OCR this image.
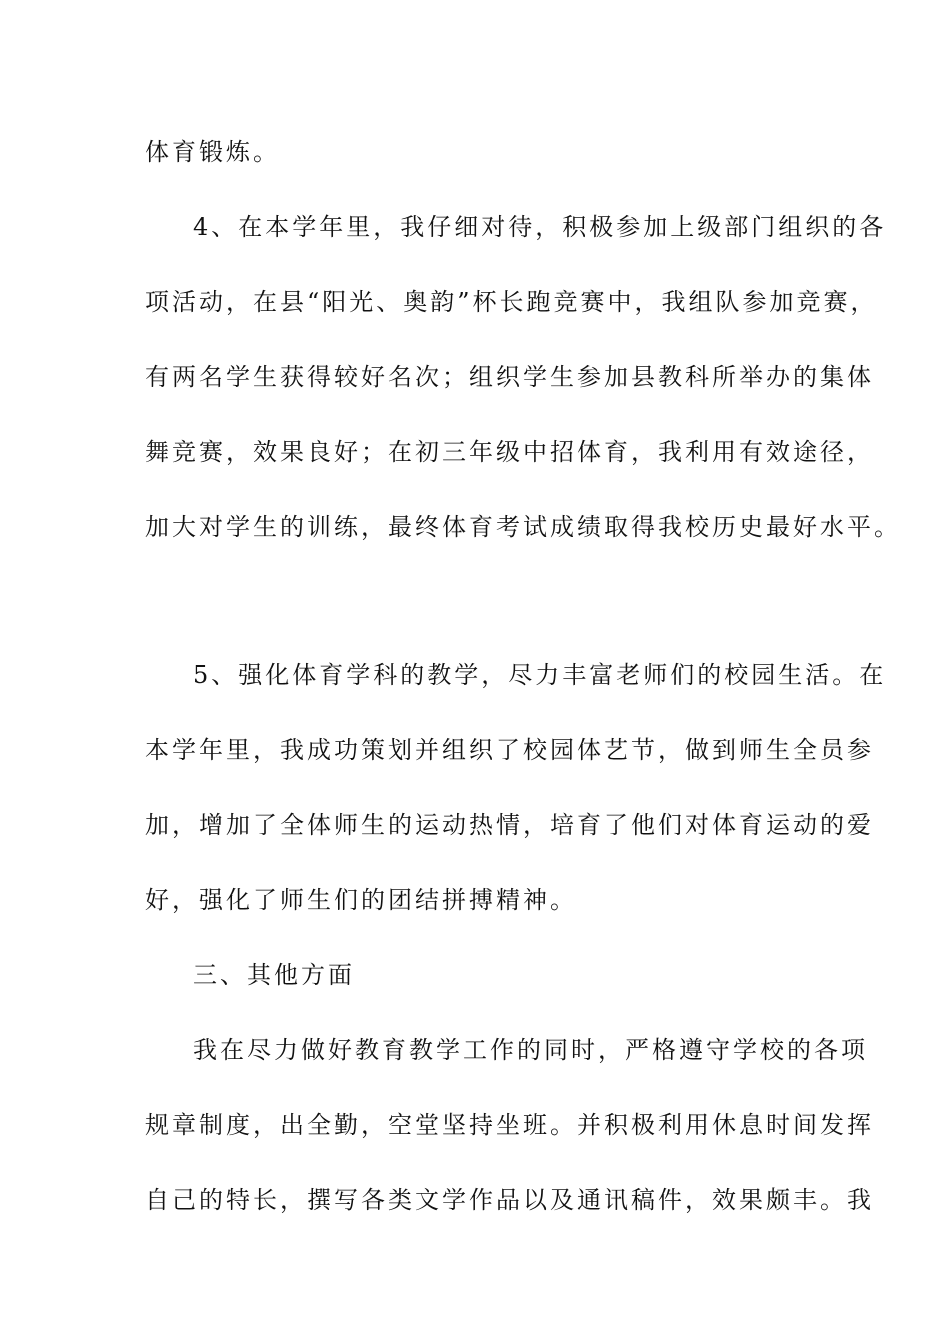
体育锻炼。
4、在本学年里，我仔细对待，积极参加上级部门组织的各
项活动，在县“阳光、奥韵”杯长跑竞赛中，我组队参加竞赛，
有两名学生获得较好名次；组织学生参加县教科所举办的集体
舞竞赛，效果良好；在初三年级中招体育，我利用有效途径，
加大对学生的训练，最终体育考试成绩取得我校历史最好水平。
5、强化体育学科的教学，尽力丰富老师们的校园生活。在
本学年里，我成功策划并组织了校园体艺节，做到师生全员参
加，增加了全体师生的运动热情，培育了他们对体育运动的爱
好，强化了师生们的团结拼搏精神。
三、其他方面
我在尽力做好教育教学工作的同时，严格遵守学校的各项
规章制度，出全勤，空堂坚持坐班。并积极利用休息时间发挥
自己的特长，撰写各类文学作品以及通讯稿件，效果颇丰。我
